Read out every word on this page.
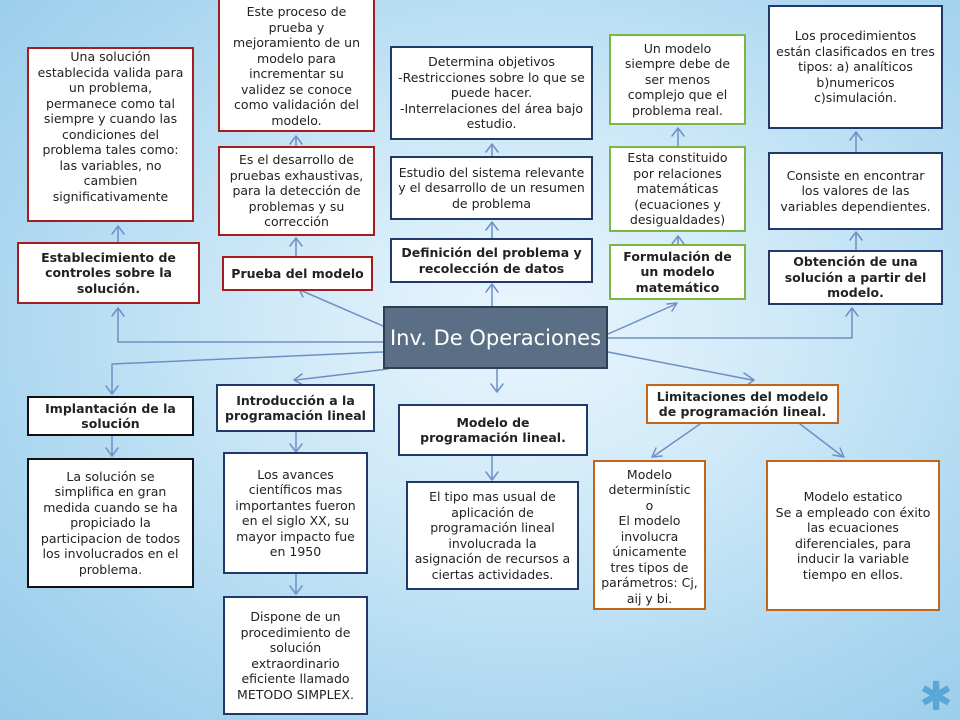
Una solución establecida valida para un problema, permanece como tal siempre y cuando las condiciones del problema tales como: las variables, no cambien significativamente
Establecimiento de controles sobre la solución.
Este proceso de prueba y mejoramiento de un modelo para incrementar su validez se conoce como validación del modelo.
Es el desarrollo de pruebas exhaustivas, para la detección de problemas y su corrección
Prueba del modelo
Determina objetivos
-Restricciones sobre lo que se puede hacer.
-Interrelaciones del área bajo estudio.
Estudio del sistema relevante y el desarrollo de un resumen de problema
Definición del problema y recolección de datos
Un modelo siempre debe de ser menos complejo que el problema real.
Esta constituido por relaciones matemáticas (ecuaciones y desigualdades)
Formulación de un modelo matemático
Los procedimientos están clasificados en tres tipos: a) analíticos b)numericos c)simulación.
Consiste en encontrar los valores de las variables dependientes.
Obtención de una solución a partir del modelo.
Inv. De Operaciones
Implantación de la solución
La solución se simplifica en gran medida cuando se ha propiciado la participacion de todos los involucrados en el problema.
Introducción a la programación lineal
Los avances científicos mas importantes fueron en el siglo XX, su mayor impacto fue en 1950
Dispone de un procedimiento de solución extraordinario eficiente llamado METODO SIMPLEX.
Modelo de programación lineal.
El tipo mas usual de aplicación de programación lineal involucrada la asignación de recursos a ciertas actividades.
Limitaciones del modelo de programación lineal.
Modelo determinístic
o
El modelo involucra únicamente tres tipos de parámetros: Cj, aij y bi.
Modelo estatico
Se a empleado con éxito las ecuaciones diferenciales, para inducir la variable tiempo en ellos.
✱
